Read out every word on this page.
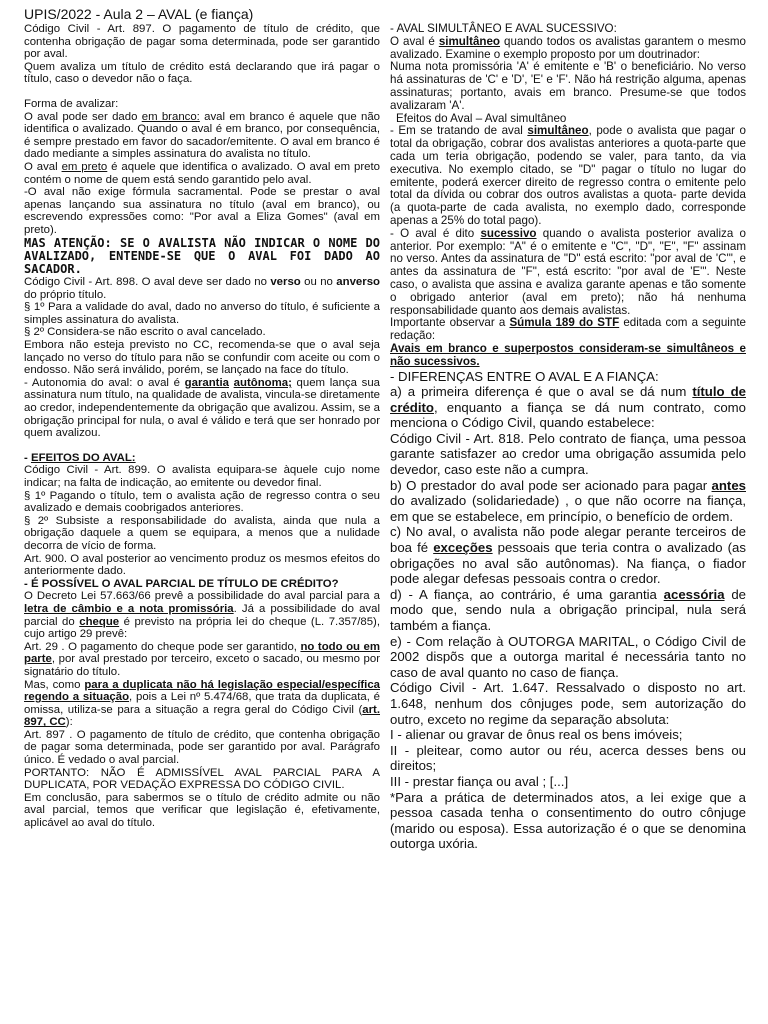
UPIS/2022 - Aula 2 – AVAL (e fiança)

Código Civil - Art. 897. O pagamento de título de crédito, que contenha obrigação de pagar soma determinada, pode ser garantido por aval.

Quem avaliza um título de crédito está declarando que irá pagar o título, caso o devedor não o faça.

Forma de avalizar:

O aval pode ser dado em branco: aval em branco é aquele que não identifica o avalizado. Quando o aval é em branco, por consequência, é sempre prestado em favor do sacador/emitente. O aval em branco é dado mediante a simples assinatura do avalista no título.

O aval em preto é aquele que identifica o avalizado. O aval em preto contém o nome de quem está sendo garantido pelo aval.

-O aval não exige fórmula sacramental. Pode se prestar o aval apenas lançando sua assinatura no título (aval em branco), ou escrevendo expressões como: "Por aval a Eliza Gomes" (aval em preto).

MAS ATENÇÃO: SE O AVALISTA NÃO INDICAR O NOME DO AVALIZADO, ENTENDE-SE QUE O AVAL FOI DADO AO SACADOR.

Código Civil - Art. 898. O aval deve ser dado no verso ou no anverso do próprio título.

§ 1º Para a validade do aval, dado no anverso do título, é suficiente a simples assinatura do avalista.

§ 2º Considera-se não escrito o aval cancelado.

Embora não esteja previsto no CC, recomenda-se que o aval seja lançado no verso do título para não se confundir com aceite ou com o endosso. Não será inválido, porém, se lançado na face do título.

- Autonomia do aval: o aval é garantia autônoma; quem lança sua assinatura num título, na qualidade de avalista, vincula-se diretamente ao credor, independentemente da obrigação que avalizou. Assim, se a obrigação principal for nula, o aval é válido e terá que ser honrado por quem avalizou.

- EFEITOS DO AVAL:

Código Civil - Art. 899. O avalista equipara-se àquele cujo nome indicar; na falta de indicação, ao emitente ou devedor final.

§ 1º Pagando o título, tem o avalista ação de regresso contra o seu avalizado e demais coobrigados anteriores.

§ 2º Subsiste a responsabilidade do avalista, ainda que nula a obrigação daquele a quem se equipara, a menos que a nulidade decorra de vício de forma.

Art. 900. O aval posterior ao vencimento produz os mesmos efeitos do anteriormente dado.

- É POSSÍVEL O AVAL PARCIAL DE TÍTULO DE CRÉDITO?

O Decreto Lei 57.663/66 prevê a possibilidade do aval parcial para a letra de câmbio e a nota promissória. Já a possibilidade do aval parcial do cheque é previsto na própria lei do cheque (L. 7.357/85), cujo artigo 29 prevê:

Art. 29 . O pagamento do cheque pode ser garantido, no todo ou em parte, por aval prestado por terceiro, exceto o sacado, ou mesmo por signatário do título.

Mas, como para a duplicata não há legislação especial/específica regendo a situação, pois a Lei nº 5.474/68, que trata da duplicata, é omissa, utiliza-se para a situação a regra geral do Código Civil (art. 897, CC):

Art. 897 . O pagamento de título de crédito, que contenha obrigação de pagar soma determinada, pode ser garantido por aval. Parágrafo único. É vedado o aval parcial.

PORTANTO: NÃO É ADMISSÍVEL AVAL PARCIAL PARA A DUPLICATA, POR VEDAÇÃO EXPRESSA DO CÓDIGO CIVIL.

Em conclusão, para sabermos se o título de crédito admite ou não aval parcial, temos que verificar que legislação é, efetivamente, aplicável ao aval do título.

- AVAL SIMULTÂNEO E AVAL SUCESSIVO:

O aval é simultâneo quando todos os avalistas garantem o mesmo avalizado. Examine o exemplo proposto por um doutrinador:

Numa nota promissória 'A' é emitente e 'B' o beneficiário. No verso há assinaturas de 'C' e 'D', 'E' e 'F'. Não há restrição alguma, apenas assinaturas; portanto, avais em branco. Presume-se que todos avalizaram 'A'.

Efeitos do Aval – Aval simultâneo

- Em se tratando de aval simultâneo, pode o avalista que pagar o total da obrigação, cobrar dos avalistas anteriores a quota-parte que cada um teria obrigação, podendo se valer, para tanto, da via executiva. No exemplo citado, se "D" pagar o título no lugar do emitente, poderá exercer direito de regresso contra o emitente pelo total da dívida ou cobrar dos outros avalistas a quota- parte devida (a quota-parte de cada avalista, no exemplo dado, corresponde apenas a 25% do total pago).

- O aval é dito sucessivo quando o avalista posterior avaliza o anterior. Por exemplo: "A" é o emitente e "C", "D", "E", "F" assinam no verso. Antes da assinatura de "D" está escrito: "por aval de 'C'", e antes da assinatura de "F", está escrito: "por aval de 'E'". Neste caso, o avalista que assina e avaliza garante apenas e tão somente o obrigado anterior (aval em preto); não há nenhuma responsabilidade quanto aos demais avalistas.

Importante observar a Súmula 189 do STF editada com a seguinte redação:

Avais em branco e superpostos consideram-se simultâneos e não sucessivos.

- DIFERENÇAS ENTRE O AVAL E A FIANÇA:

a) a primeira diferença é que o aval se dá num título de crédito, enquanto a fiança se dá num contrato, como menciona o Código Civil, quando estabelece:

Código Civil - Art. 818. Pelo contrato de fiança, uma pessoa garante satisfazer ao credor uma obrigação assumida pelo devedor, caso este não a cumpra.

b) O prestador do aval pode ser acionado para pagar antes do avalizado (solidariedade) , o que não ocorre na fiança, em que se estabelece, em princípio, o benefício de ordem.

c) No aval, o avalista não pode alegar perante terceiros de boa fé exceções pessoais que teria contra o avalizado (as obrigações no aval são autônomas). Na fiança, o fiador pode alegar defesas pessoais contra o credor.

d) - A fiança, ao contrário, é uma garantia acessória de modo que, sendo nula a obrigação principal, nula será também a fiança.

e) - Com relação à OUTORGA MARITAL, o Código Civil de 2002 dispõs que a outorga marital é necessária tanto no caso de aval quanto no caso de fiança.

Código Civil - Art. 1.647. Ressalvado o disposto no art. 1.648, nenhum dos cônjuges pode, sem autorização do outro, exceto no regime da separação absoluta:

I - alienar ou gravar de ônus real os bens imóveis;

II - pleitear, como autor ou réu, acerca desses bens ou direitos;

III - prestar fiança ou aval ; [...]

*Para a prática de determinados atos, a lei exige que a pessoa casada tenha o consentimento do outro cônjuge (marido ou esposa). Essa autorização é o que se denomina outorga uxória.
